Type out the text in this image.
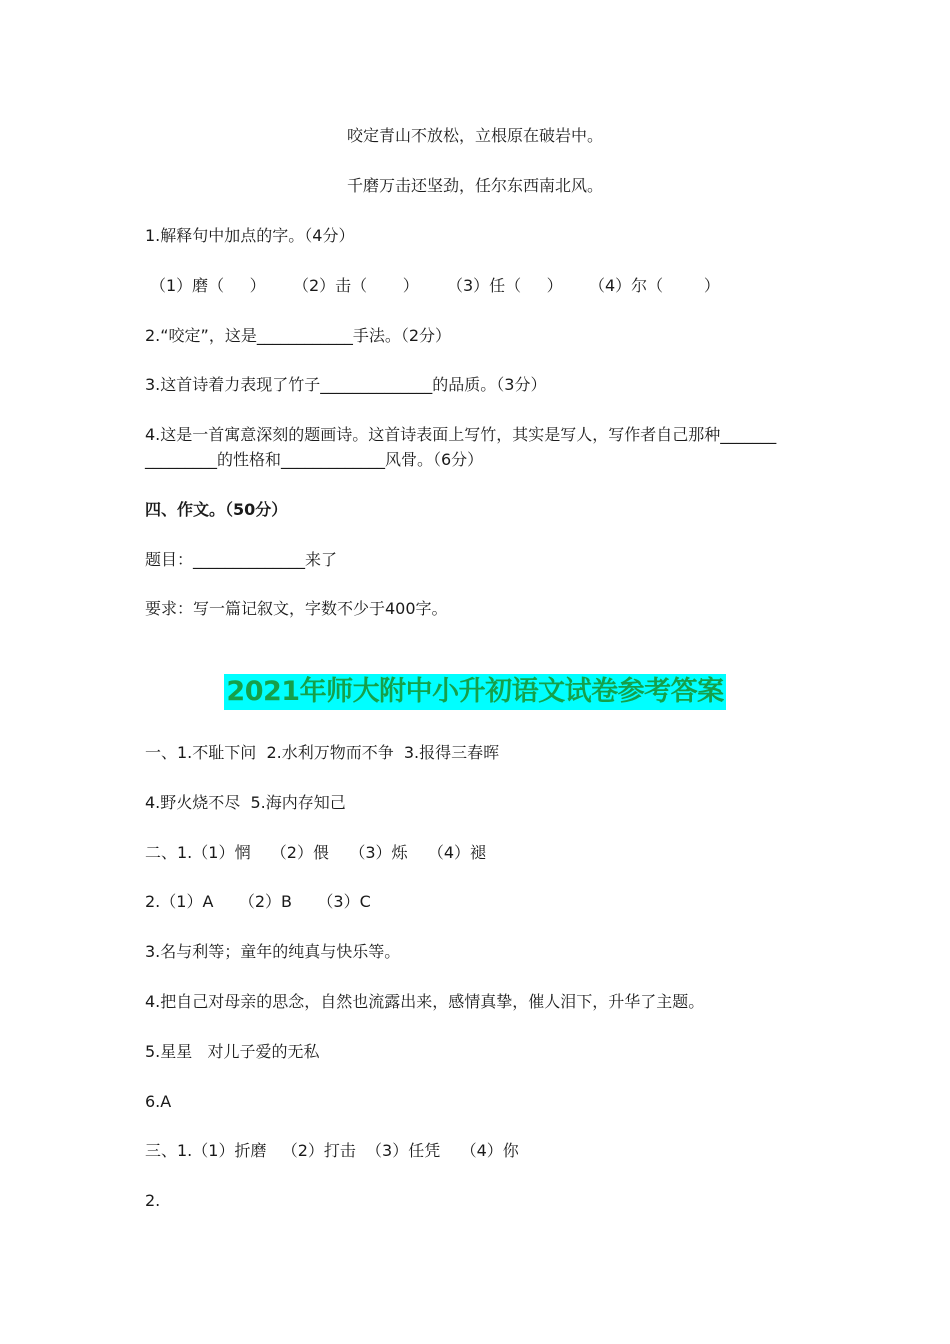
咬定青山不放松，立根原在破岩中。
千磨万击还坚劲，任尔东西南北风。
1.解释句中加点的字。（4分）

（1）磨（     ）

（2）击（       ）

（3）任（     ）

（4）尔（        ）

2.“咬定”，这是____________手法。（2分）
3.这首诗着力表现了竹子______________的品质。（3分）
4.这是一首寓意深刻的题画诗。这首诗表面上写竹，其实是写人，写作者自己那种_______
_________的性格和_____________风骨。（6分）
四、作文。（50分）
题目：______________来了
要求：写一篇记叙文，字数不少于400字。
2021年师大附中小升初语文试卷参考答案
一、1.不耻下问  2.水利万物而不争  3.报得三春晖
4.野火烧不尽  5.海内存知己
二、1.（1）惘    （2）偎    （3）烁    （4）褪
2.（1）A     （2）B     （3）C
3.名与利等；童年的纯真与快乐等。
4.把自己对母亲的思念，自然也流露出来，感情真挚，催人泪下，升华了主题。
5.星星   对儿子爱的无私
6.A
三、1.（1）折磨   （2）打击  （3）任凭    （4）你
2.
